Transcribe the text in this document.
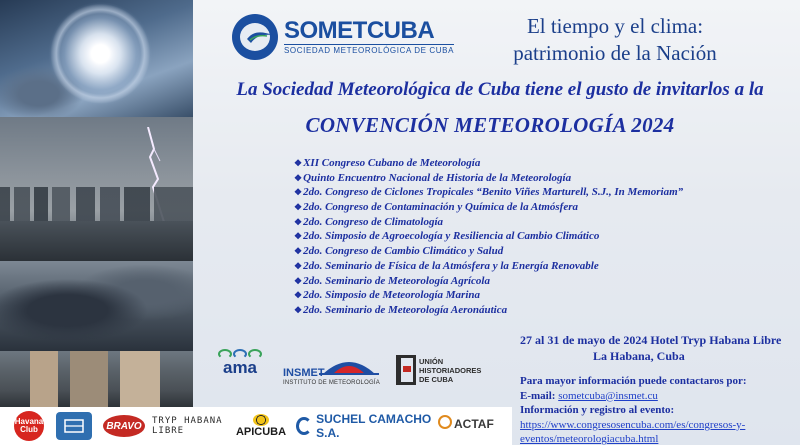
Havana Club	BRAVO TRYP HABANA LIBRE	APICUBA
SUCHEL CAMACHO S.A.
ACTAF

SOMETCUBA
SOCIEDAD METEOROLÓGICA DE CUBA
El tiempo y el clima:
patrimonio de la Nación
La Sociedad Meteorológica de Cuba tiene el gusto de invitarlos a la
CONVENCIÓN METEOROLOGÍA 2024
❖XII Congreso Cubano de Meteorología
❖Quinto Encuentro Nacional de Historia de la Meteorología
❖2do. Congreso de Ciclones Tropicales “Benito Viñes Marturell, S.J., In Memoriam”
❖2do. Congreso de Contaminación y Química de la Atmósfera
❖2do. Congreso de Climatología
❖2do. Simposio de Agroecología y Resiliencia al Cambio Climático
❖2do. Congreso de Cambio Climático y Salud
❖2do. Seminario de Física de la Atmósfera y la Energía Renovable
❖2do. Seminario de Meteorología Agrícola
❖2do. Simposio de Meteorología Marina
❖2do. Seminario de Meteorología Aeronáutica
27 al 31 de mayo de 2024 Hotel Tryp Habana Libre
La Habana, Cuba
ama	INSMET
INSTITUTO DE METEOROLOGÍA
UNIÓN
HISTORIADORES
DE CUBA	Para mayor información puede contactaros por:
E-mail: sometcuba@insmet.cu
Información y registro al evento:
https://www.congresosencuba.com/es/congresos-y-
eventos/meteorologiacuba.html
